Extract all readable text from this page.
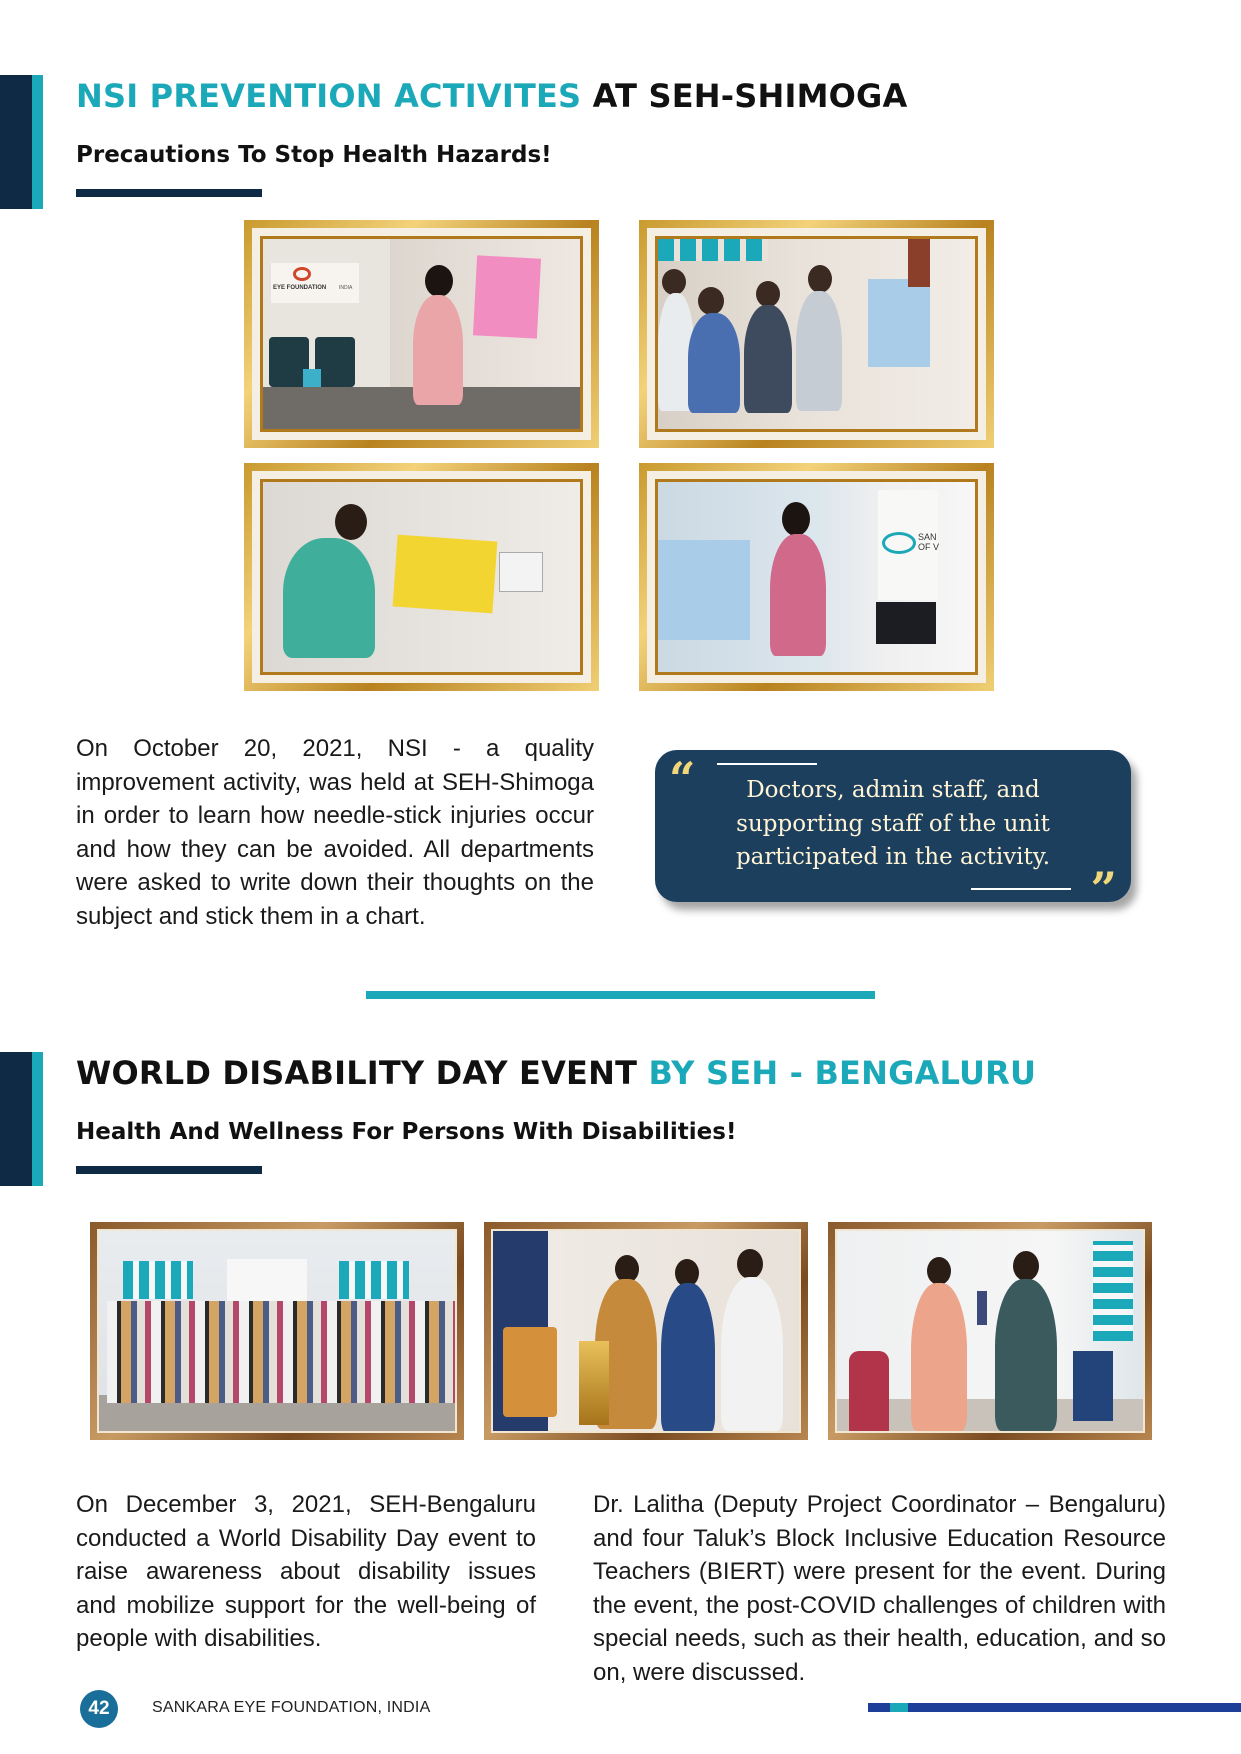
NSI PREVENTION ACTIVITES AT SEH-SHIMOGA
Precautions To Stop Health Hazards!
EYE FOUNDATION	INDIA
SAN
OF V
On October 20, 2021, NSI - a quality improvement activity, was held at SEH-Shimoga in order to learn how needle-stick injuries occur and how they can be avoided. All departments were asked to write down their thoughts on the subject and stick them in a chart.
“	Doctors, admin staff, and supporting staff of the unit participated in the activity.
”
WORLD DISABILITY DAY EVENT BY SEH - BENGALURU
Health And Wellness For Persons With Disabilities!
On December 3, 2021, SEH-Bengaluru conducted a World Disability Day event to raise awareness about disability issues and mobilize support for the well-being of people with disabilities.
Dr. Lalitha (Deputy Project Coordinator – Bengaluru) and four Taluk’s Block Inclusive Education Resource Teachers (BIERT) were present for the event. During the event, the post-COVID challenges of children with special needs, such as their health, education, and so on, were discussed.
42	SANKARA EYE FOUNDATION, INDIA
